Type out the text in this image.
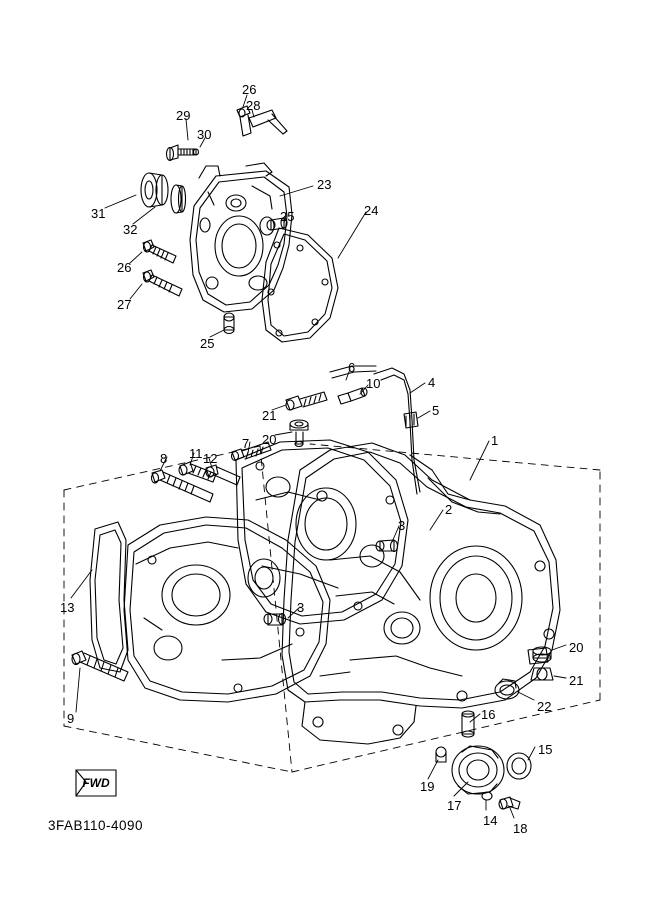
26
29
28
30
23
31
32
25	24
26
27
25
6
4
10
21	5
20
7	1
11 12
8
2
3
13	3
20
21
9
22
16
15
19
17
14
18
FWD
3FAB110-4090
